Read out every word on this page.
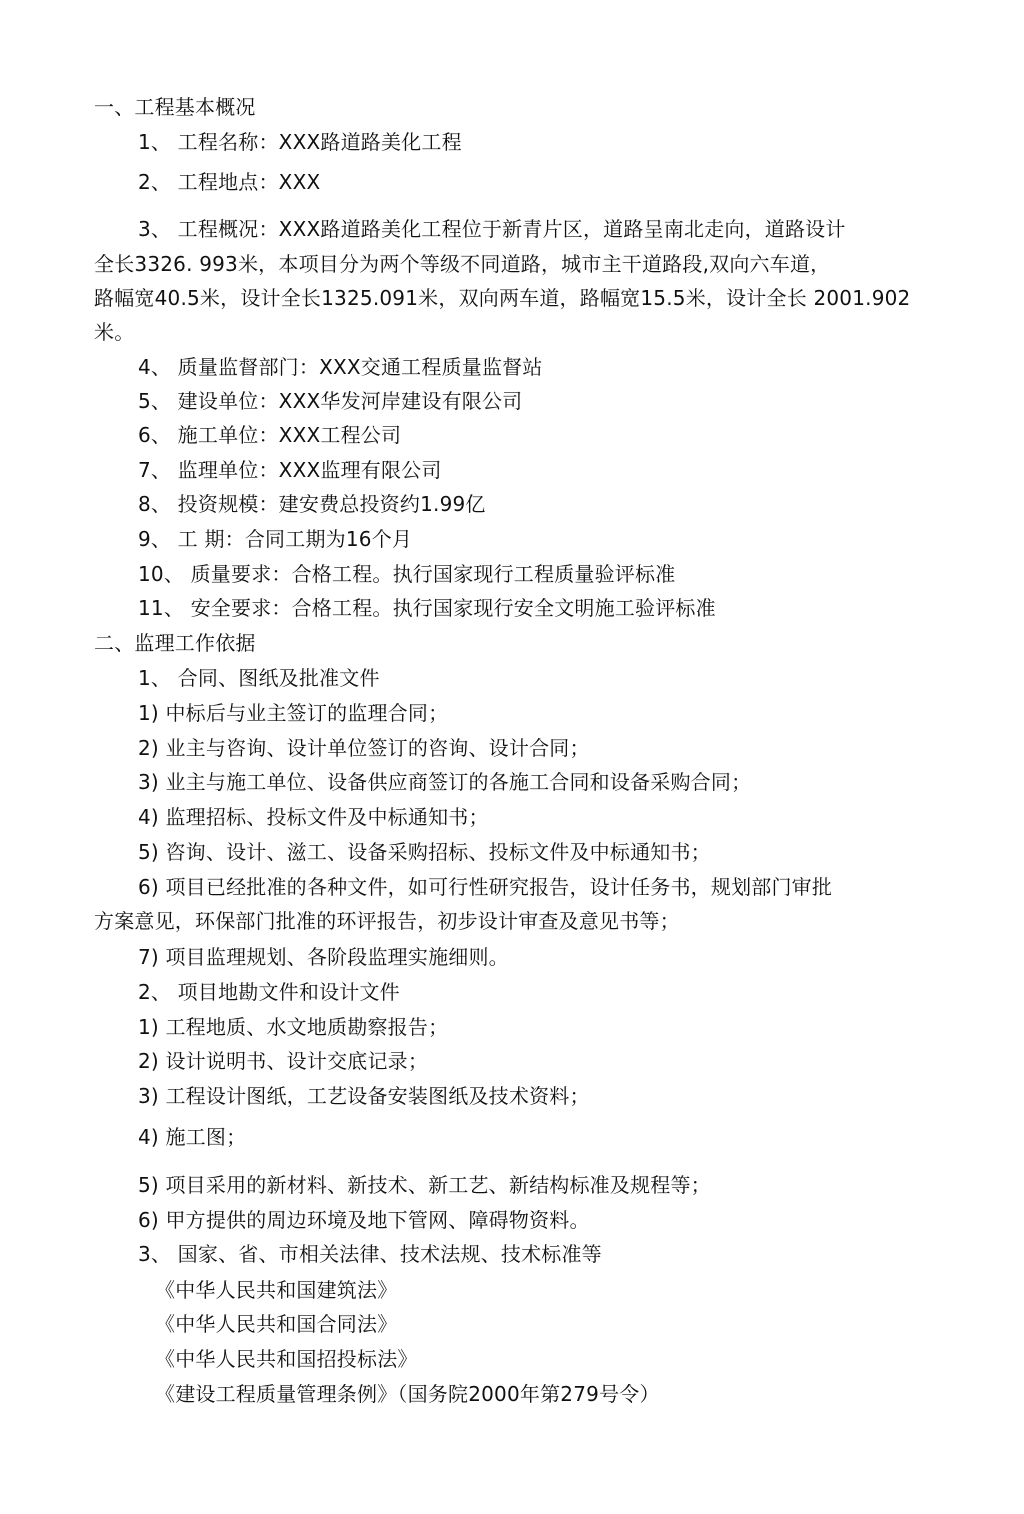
一、工程基本概况
1、 工程名称：XXX路道路美化工程
2、 工程地点：XXX
3、 工程概况：XXX路道路美化工程位于新青片区，道路呈南北走向，道路设计
全长3326. 993米，本项目分为两个等级不同道路，城市主干道路段,双向六车道，
路幅宽40.5米，设计全长1325.091米，双向两车道，路幅宽15.5米，设计全长 2001.902
米。
4、 质量监督部门：XXX交通工程质量监督站
5、 建设单位：XXX华发河岸建设有限公司
6、 施工单位：XXX工程公司
7、 监理单位：XXX监理有限公司
8、 投资规模：建安费总投资约1.99亿
9、 工 期：合同工期为16个月
10、 质量要求：合格工程。执行国家现行工程质量验评标准
11、 安全要求：合格工程。执行国家现行安全文明施工验评标准
二、监理工作依据
1、 合同、图纸及批准文件
1) 中标后与业主签订的监理合同；
2) 业主与咨询、设计单位签订的咨询、设计合同；
3) 业主与施工单位、设备供应商签订的各施工合同和设备采购合同；
4) 监理招标、投标文件及中标通知书；
5) 咨询、设计、滋工、设备采购招标、投标文件及中标通知书；
6) 项目已经批准的各种文件，如可行性研究报告，设计任务书，规划部门审批
方案意见，环保部门批准的环评报告，初步设计审查及意见书等；
7) 项目监理规划、各阶段监理实施细则。
2、 项目地勘文件和设计文件
1) 工程地质、水文地质勘察报告；
2) 设计说明书、设计交底记录；
3) 工程设计图纸，工艺设备安装图纸及技术资料；
4) 施工图；
5) 项目采用的新材料、新技术、新工艺、新结构标准及规程等；
6) 甲方提供的周边环境及地下管网、障碍物资料。
3、 国家、省、市相关法律、技术法规、技术标准等
《中华人民共和国建筑法》
《中华人民共和国合同法》
《中华人民共和国招投标法》
《建设工程质量管理条例》（国务院2000年第279号令）
